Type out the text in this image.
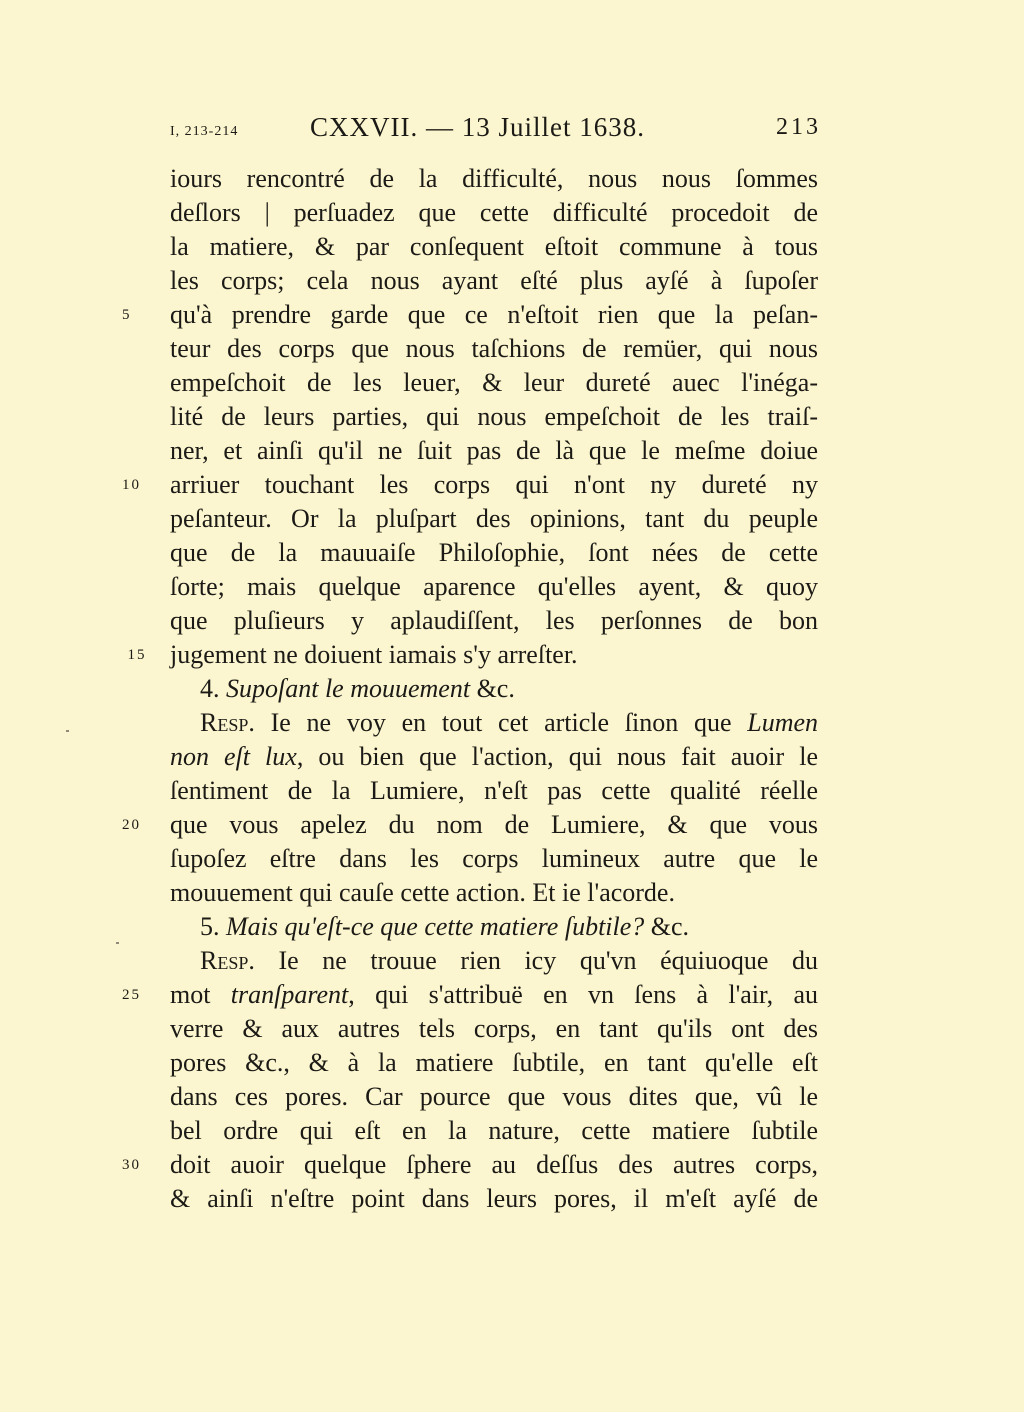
I, 213-214	CXXVII. — 13 Juillet 1638.	213
iours rencontré de la difficulté, nous nous ſommes
deſlors | perſuadez que cette difficulté procedoit de
la matiere, & par conſequent eſtoit commune à tous
les corps; cela nous ayant eſté plus ayſé à ſupoſer
5	qu'à prendre garde que ce n'eſtoit rien que la peſan-
teur des corps que nous taſchions de remüer, qui nous
empeſchoit de les leuer, & leur dureté auec l'inéga-
lité de leurs parties, qui nous empeſchoit de les traiſ-
ner, et ainſi qu'il ne ſuit pas de là que le meſme doiue
10	arriuer touchant les corps qui n'ont ny dureté ny
peſanteur. Or la pluſpart des opinions, tant du peuple
que de la mauuaiſe Philoſophie, ſont nées de cette
ſorte; mais quelque aparence qu'elles ayent, & quoy
que pluſieurs y aplaudiſſent, les perſonnes de bon
15 jugement ne doiuent iamais s'y arreſter.
4. Supoſant le mouuement &c.
Resp. Ie ne voy en tout cet article ſinon que Lumen
non eſt lux, ou bien que l'action, qui nous fait auoir le
ſentiment de la Lumiere, n'eſt pas cette qualité réelle
20	que vous apelez du nom de Lumiere, & que vous
ſupoſez eſtre dans les corps lumineux autre que le
mouuement qui cauſe cette action. Et ie l'acorde.
5. Mais qu'eſt-ce que cette matiere ſubtile? &c.
Resp. Ie ne trouue rien icy qu'vn équiuoque du
25	mot tranſparent, qui s'attribuë en vn ſens à l'air, au
verre & aux autres tels corps, en tant qu'ils ont des
pores &c., & à la matiere ſubtile, en tant qu'elle eſt
dans ces pores. Car pource que vous dites que, vû le
bel ordre qui eſt en la nature, cette matiere ſubtile
30	doit auoir quelque ſphere au deſſus des autres corps,
& ainſi n'eſtre point dans leurs pores, il m'eſt ayſé de
